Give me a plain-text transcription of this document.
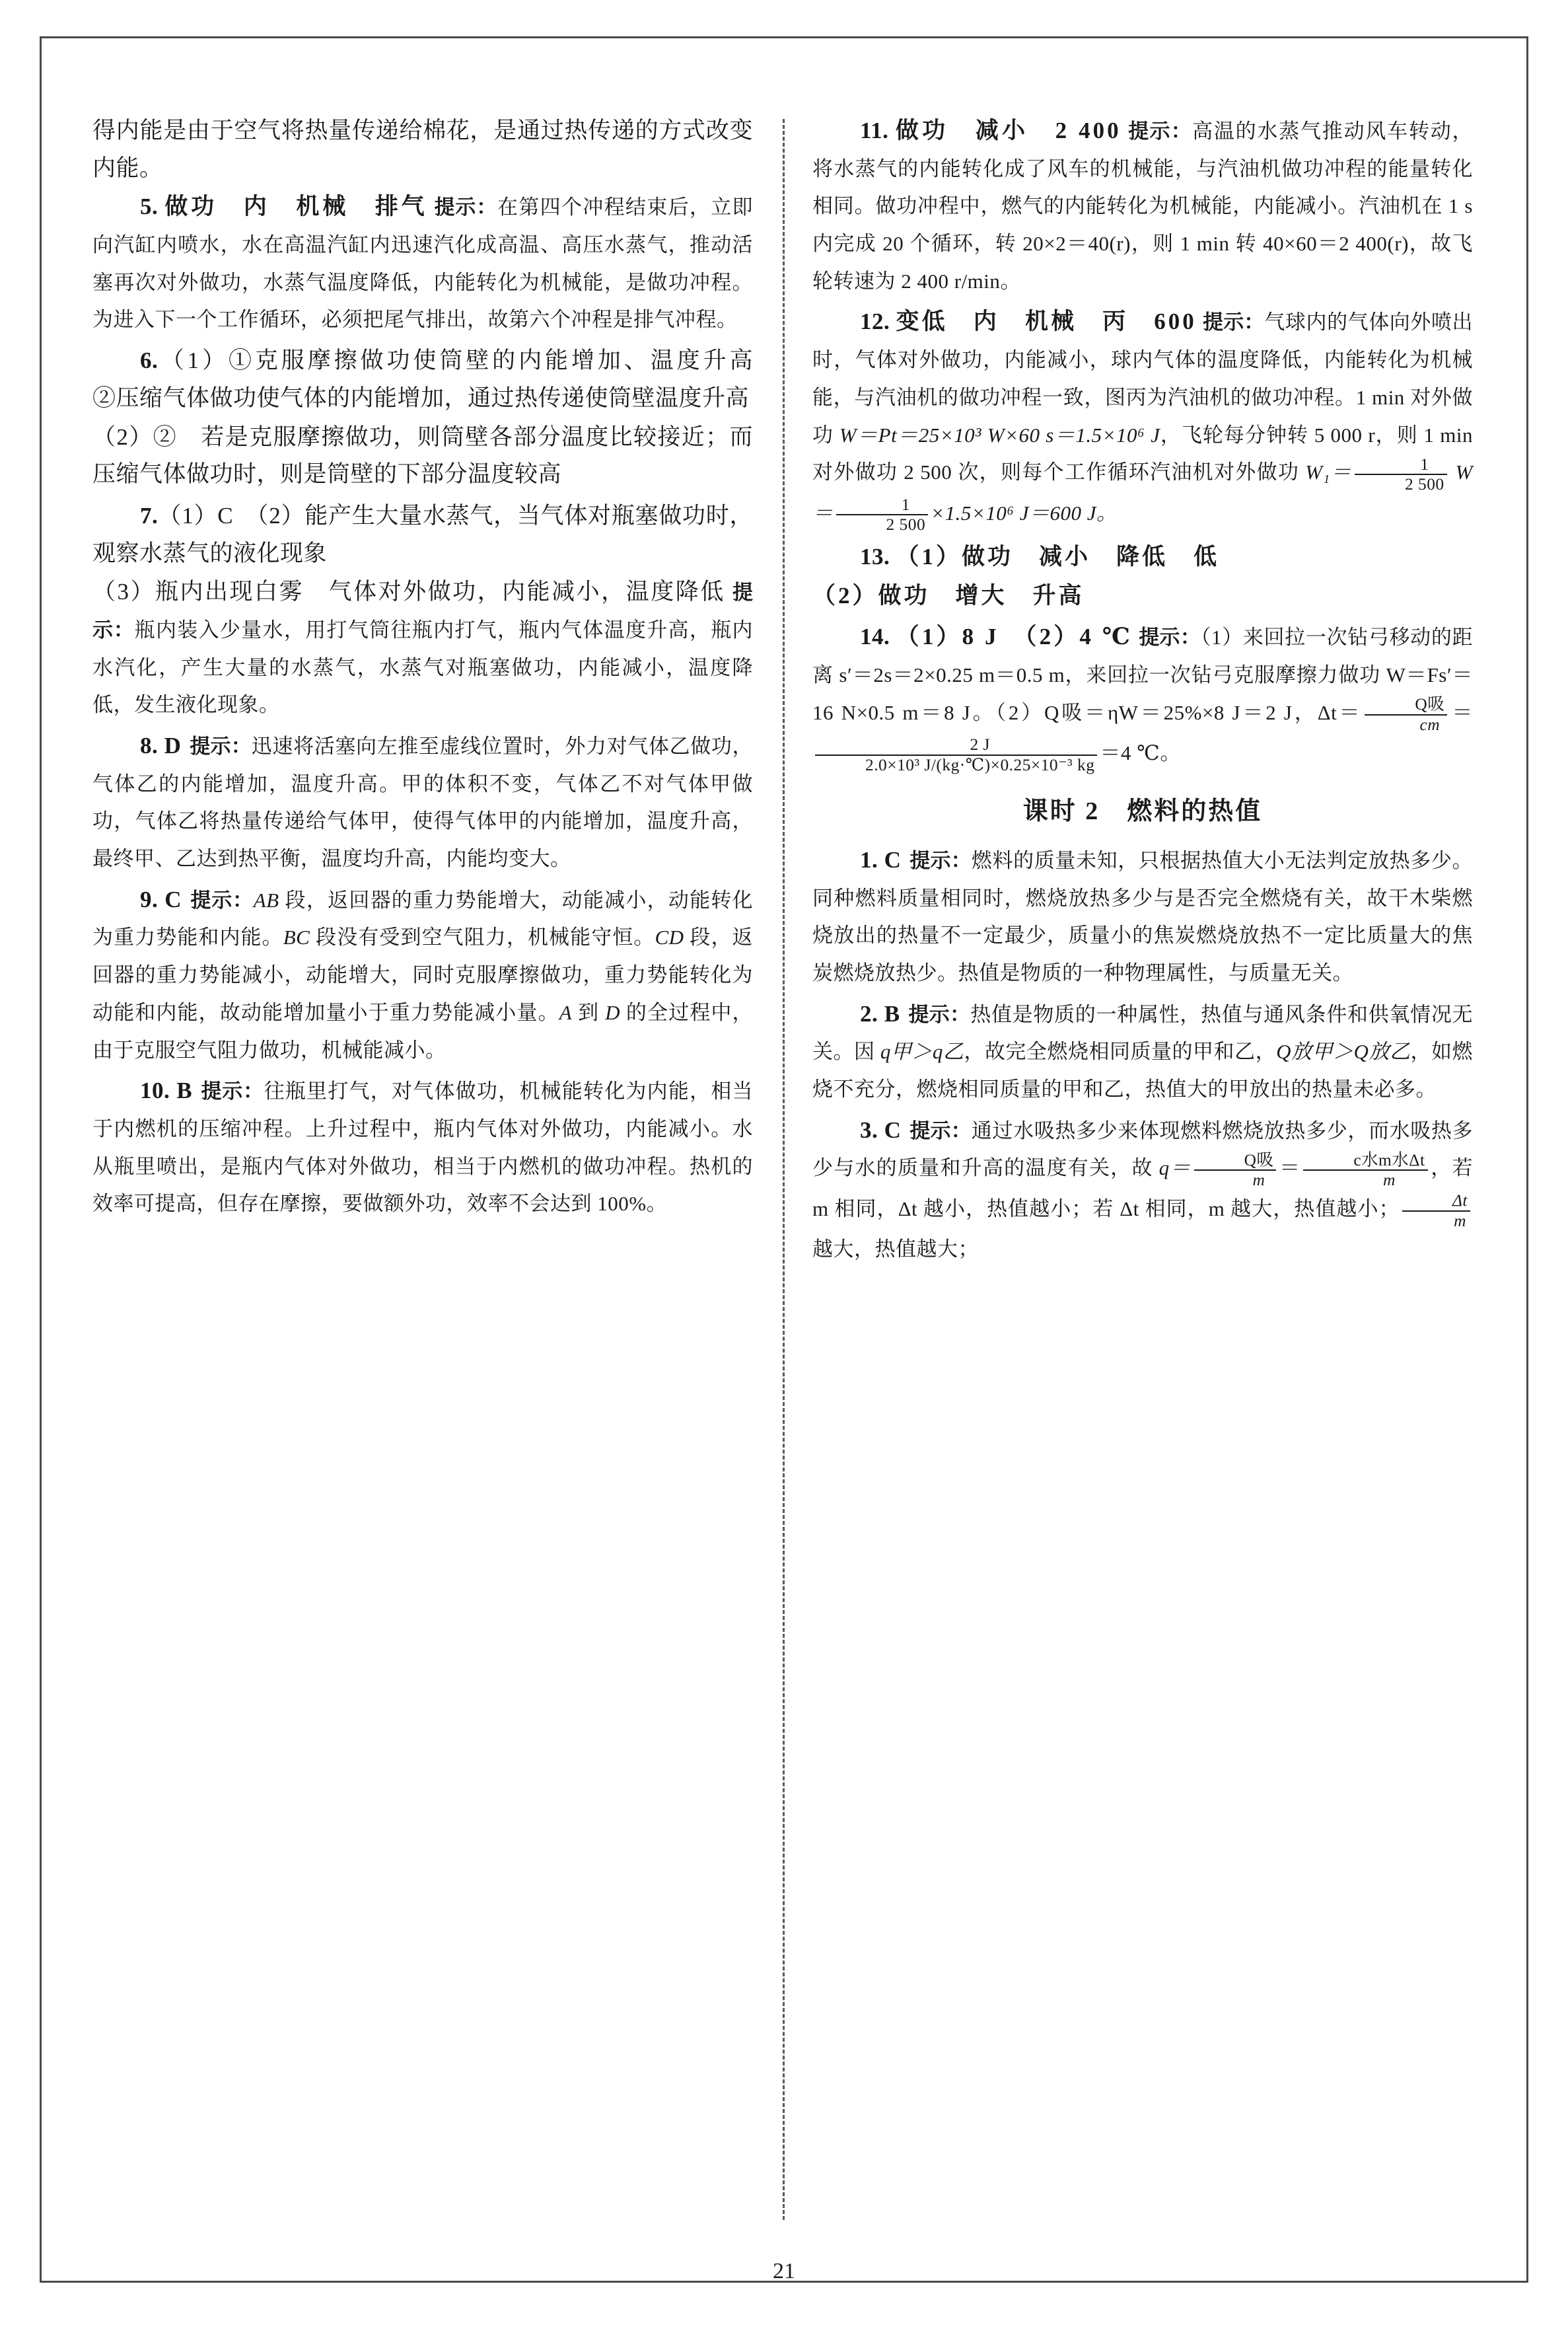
得内能是由于空气将热量传递给棉花，是通过热传递的方式改变内能。

5. 做功　内　机械　排气 提示：在第四个冲程结束后，立即向汽缸内喷水，水在高温汽缸内迅速汽化成高温、高压水蒸气，推动活塞再次对外做功，水蒸气温度降低，内能转化为机械能，是做功冲程。为进入下一个工作循环，必须把尾气排出，故第六个冲程是排气冲程。

6.（1）①克服摩擦做功使筒壁的内能增加、温度升高　　②压缩气体做功使气体的内能增加，通过热传递使筒壁温度升高

（2）②　若是克服摩擦做功，则筒壁各部分温度比较接近；而压缩气体做功时，则是筒壁的下部分温度较高

7.（1）C　（2）能产生大量水蒸气，当气体对瓶塞做功时，观察水蒸气的液化现象

（3）瓶内出现白雾　气体对外做功，内能减小，温度降低 提示：瓶内装入少量水，用打气筒往瓶内打气，瓶内气体温度升高，瓶内水汽化，产生大量的水蒸气，水蒸气对瓶塞做功，内能减小，温度降低，发生液化现象。

8. D 提示：迅速将活塞向左推至虚线位置时，外力对气体乙做功，气体乙的内能增加，温度升高。甲的体积不变，气体乙不对气体甲做功，气体乙将热量传递给气体甲，使得气体甲的内能增加，温度升高，最终甲、乙达到热平衡，温度均升高，内能均变大。

9. C 提示：AB 段，返回器的重力势能增大，动能减小，动能转化为重力势能和内能。BC 段没有受到空气阻力，机械能守恒。CD 段，返回器的重力势能减小，动能增大，同时克服摩擦做功，重力势能转化为动能和内能，故动能增加量小于重力势能减小量。A 到 D 的全过程中，由于克服空气阻力做功，机械能减小。

10. B 提示：往瓶里打气，对气体做功，机械能转化为内能，相当于内燃机的压缩冲程。上升过程中，瓶内气体对外做功，内能减小。水从瓶里喷出，是瓶内气体对外做功，相当于内燃机的做功冲程。热机的效率可提高，但存在摩擦，要做额外功，效率不会达到 100%。

11. 做功　减小　2 400 提示：高温的水蒸气推动风车转动，将水蒸气的内能转化成了风车的机械能，与汽油机做功冲程的能量转化相同。做功冲程中，燃气的内能转化为机械能，内能减小。汽油机在 1 s 内完成 20 个循环，转 20×2＝40(r)，则 1 min 转 40×60＝2 400(r)，故飞轮转速为 2 400 r/min。

12. 变低　内　机械　丙　600 提示：气球内的气体向外喷出时，气体对外做功，内能减小，球内气体的温度降低，内能转化为机械能，与汽油机的做功冲程一致，图丙为汽油机的做功冲程。1 min 对外做功 W＝Pt＝25×10³ W×60 s＝1.5×10⁶ J，飞轮每分钟转 5 000 r，则 1 min 对外做功 2 500 次，则每个工作循环汽油机对外做功 $W_1= \frac{1}{2 500} W= \frac{1}{2 500} \times 1.5\times 10^6$ J＝600 J。

13. （1）做功　减小　降低　低

（2）做功　增大　升高

14. （1）8 J　（2）4 ℃ 提示：（1）来回拉一次钻弓移动的距离 s′＝2s＝2×0.25 m＝0.5 m，来回拉一次钻弓克服摩擦力做功 W＝Fs′＝16 N×0.5 m＝8 J。（2）Q吸＝ηW＝25%×8 J＝2 J，$\Delta t= \frac{\text{Q吸}}{cm}$ ＝
$\frac{2 J}{\text{2.0×10³ J/(kg·℃)×0.25×10⁻³ kg}} =4$ ℃。

课时 2　燃料的热值

1. C 提示：燃料的质量未知，只根据热值大小无法判定放热多少。同种燃料质量相同时，燃烧放热多少与是否完全燃烧有关，故干木柴燃烧放出的热量不一定最少，质量小的焦炭燃烧放热不一定比质量大的焦炭燃烧放热少。热值是物质的一种物理属性，与质量无关。

2. B 提示：热值是物质的一种属性，热值与通风条件和供氧情况无关。因 q甲＞q乙，故完全燃烧相同质量的甲和乙，Q放甲＞Q放乙，如燃烧不充分，燃烧相同质量的甲和乙，热值大的甲放出的热量未必多。

3. C 提示：通过水吸热多少来体现燃料燃烧放热多少，而水吸热多少与水的质量和升高的温度有关，故 $q= \frac{\text{Q吸}}{m} = \frac{\text{c水m水Δt}}{m}$ ，若 m 相同，Δt 越小，热值越小；若 Δt 相同，m 越大，热值越小； $\frac{\Delta t}{m}$
越大，热值越大；

21
